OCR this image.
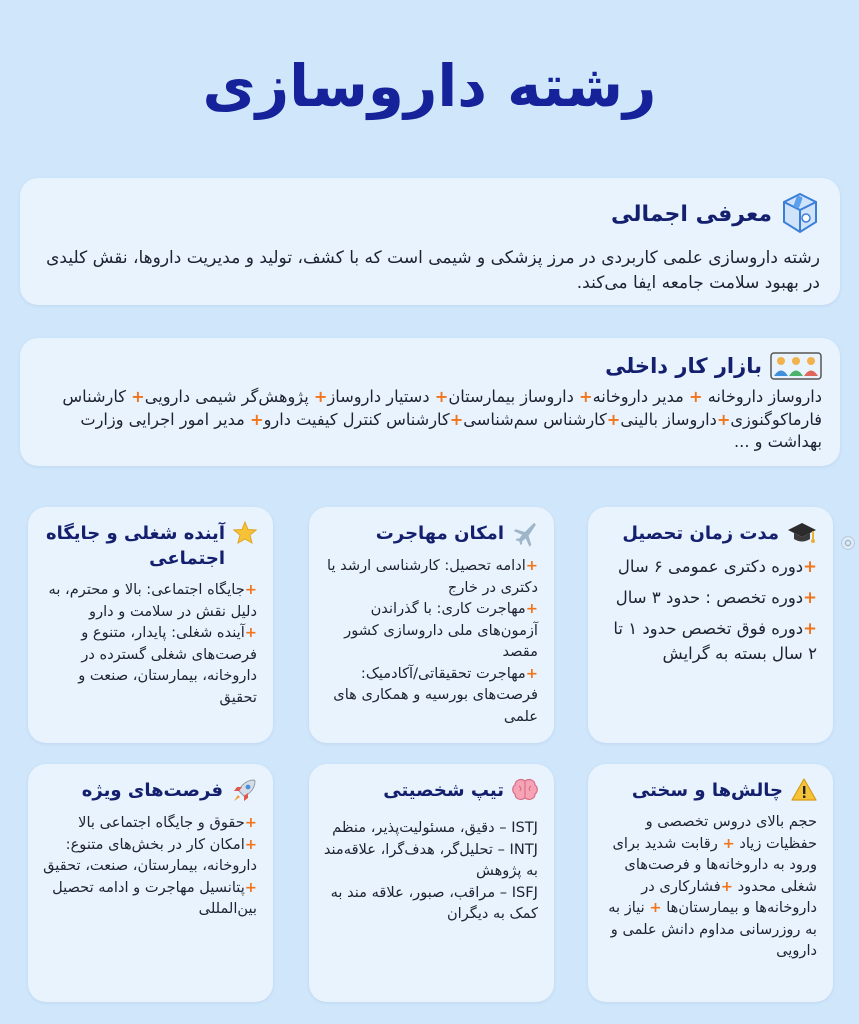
رشته داروسازی
معرفی اجمالی
رشته داروسازی علمی کاربردی در مرز پزشکی و شیمی است که با کشف، تولید و مدیریت داروها، نقش کلیدی در بهبود سلامت جامعه ایفا می‌کند.
بازار کار داخلی
داروساز داروخانه + مدیر داروخانه+ داروساز بیمارستان+ دستیار داروساز+ پژوهش‌گر شیمی دارویی+ کارشناس فارماکوگنوزی+داروساز بالینی+کارشناس سم‌شناسی+کارشناس کنترل کیفیت دارو+ مدیر امور اجرایی وزارت بهداشت و ...
مدت زمان تحصیل
+دوره دکتری عمومی ۶ سال
+دوره تخصص : حدود ۳ سال
+دوره فوق تخصص حدود ۱ تا ۲ سال بسته به گرایش
امکان مهاجرت
+ادامه تحصیل: کارشناسی ارشد یا دکتری در خارج
+مهاجرت کاری: با گذراندن آزمون‌های ملی داروسازی کشور مقصد
+مهاجرت تحقیقاتی/آکادمیک: فرصت‌های بورسیه و همکاری های علمی
آینده شغلی و جایگاه اجتماعی
+جایگاه اجتماعی: بالا و محترم، به دلیل نقش در سلامت و دارو
+آینده شغلی: پایدار، متنوع و فرصت‌های شغلی گسترده در داروخانه، بیمارستان، صنعت و تحقیق
چالش‌ها و سختی
حجم بالای دروس تخصصی و حفظیات زیاد + رقابت شدید برای ورود به داروخانه‌ها و فرصت‌های شغلی محدود +فشارکاری در داروخانه‌ها و بیمارستان‌ها + نیاز به به روزرسانی مداوم دانش علمی و دارویی
تیپ شخصیتی
ISTJ – دقیق، مسئولیت‌پذیر، منظم
INTJ – تحلیل‌گر، هدف‌گرا، علاقه‌مند به پژوهش
ISFJ – مراقب، صبور، علاقه مند به کمک به دیگران
فرصت‌های ویژه
+حقوق و جایگاه اجتماعی بالا
+امکان کار در بخش‌های متنوع: داروخانه، بیمارستان، صنعت، تحقیق
+پتانسیل مهاجرت و ادامه تحصیل بین‌المللی
